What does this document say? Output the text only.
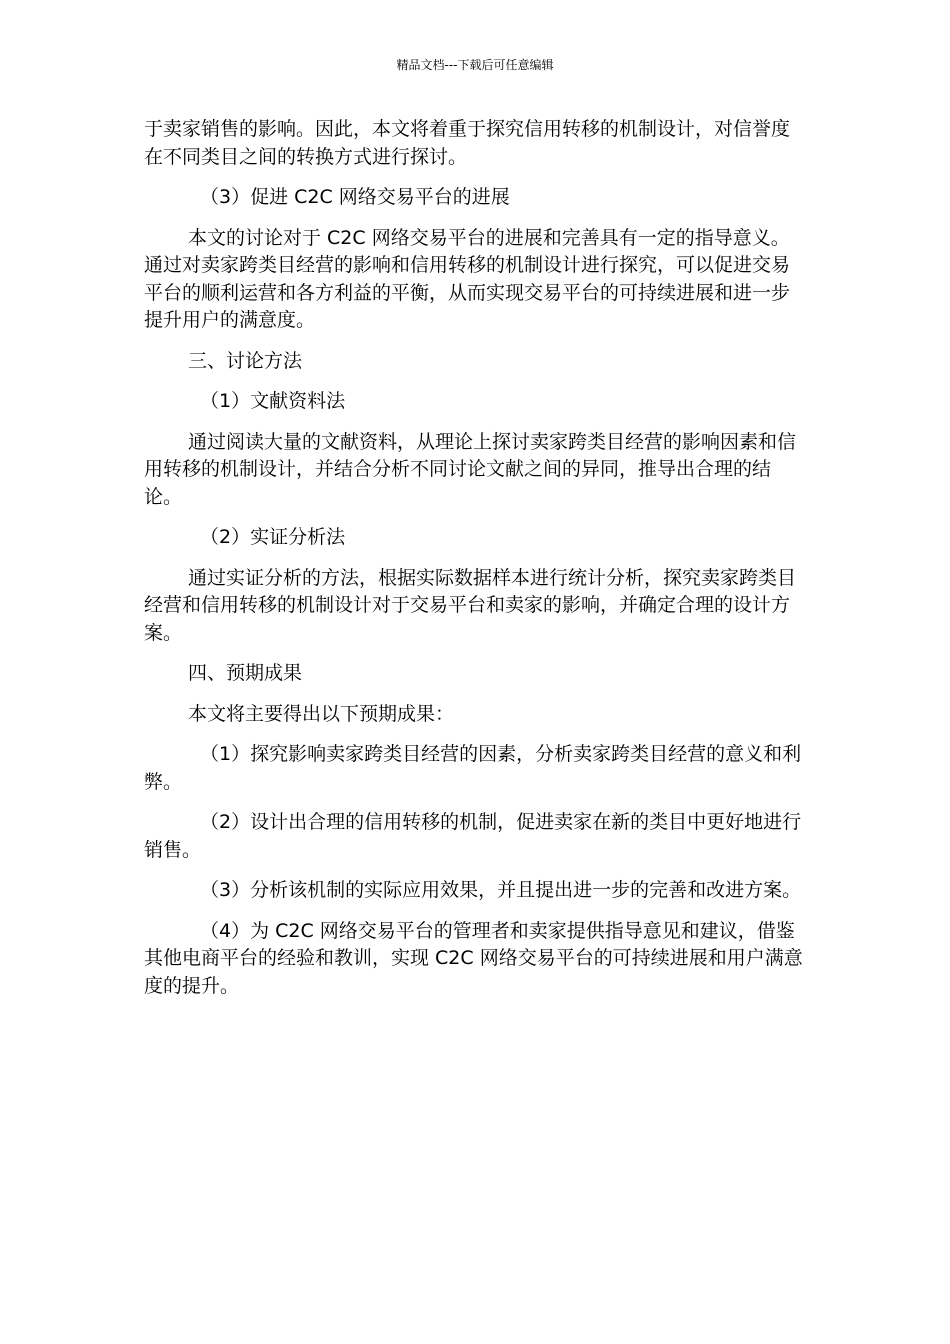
精品文档---下载后可任意编辑

于卖家销售的影响。因此，本文将着重于探究信用转移的机制设计，对信誉度在不同类目之间的转换方式进行探讨。

（3）促进 C2C 网络交易平台的进展

本文的讨论对于 C2C 网络交易平台的进展和完善具有一定的指导意义。通过对卖家跨类目经营的影响和信用转移的机制设计进行探究，可以促进交易平台的顺利运营和各方利益的平衡，从而实现交易平台的可持续进展和进一步提升用户的满意度。

三、讨论方法

（1）文献资料法

通过阅读大量的文献资料，从理论上探讨卖家跨类目经营的影响因素和信用转移的机制设计，并结合分析不同讨论文献之间的异同，推导出合理的结论。

（2）实证分析法

通过实证分析的方法，根据实际数据样本进行统计分析，探究卖家跨类目经营和信用转移的机制设计对于交易平台和卖家的影响，并确定合理的设计方案。

四、预期成果

本文将主要得出以下预期成果：

（1）探究影响卖家跨类目经营的因素，分析卖家跨类目经营的意义和利弊。

（2）设计出合理的信用转移的机制，促进卖家在新的类目中更好地进行销售。

（3）分析该机制的实际应用效果，并且提出进一步的完善和改进方案。

（4）为 C2C 网络交易平台的管理者和卖家提供指导意见和建议，借鉴其他电商平台的经验和教训，实现 C2C 网络交易平台的可持续进展和用户满意度的提升。
